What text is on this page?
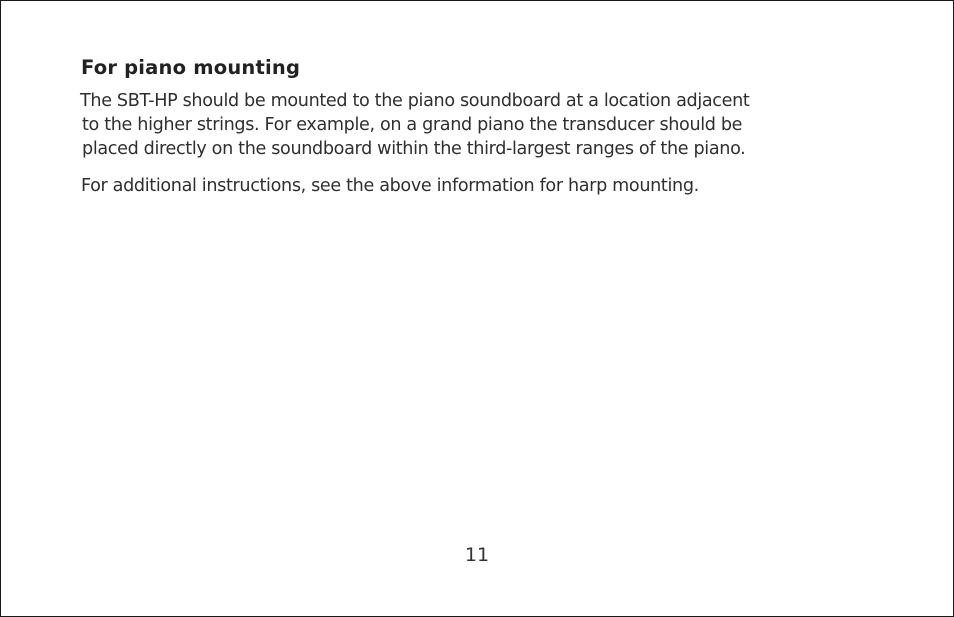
For piano mounting

The SBT-HP should be mounted to the piano soundboard at a location adjacent
to the higher strings. For example, on a grand piano the transducer should be
placed directly on the soundboard within the third-largest ranges of the piano.

For additional instructions, see the above information for harp mounting.

11
